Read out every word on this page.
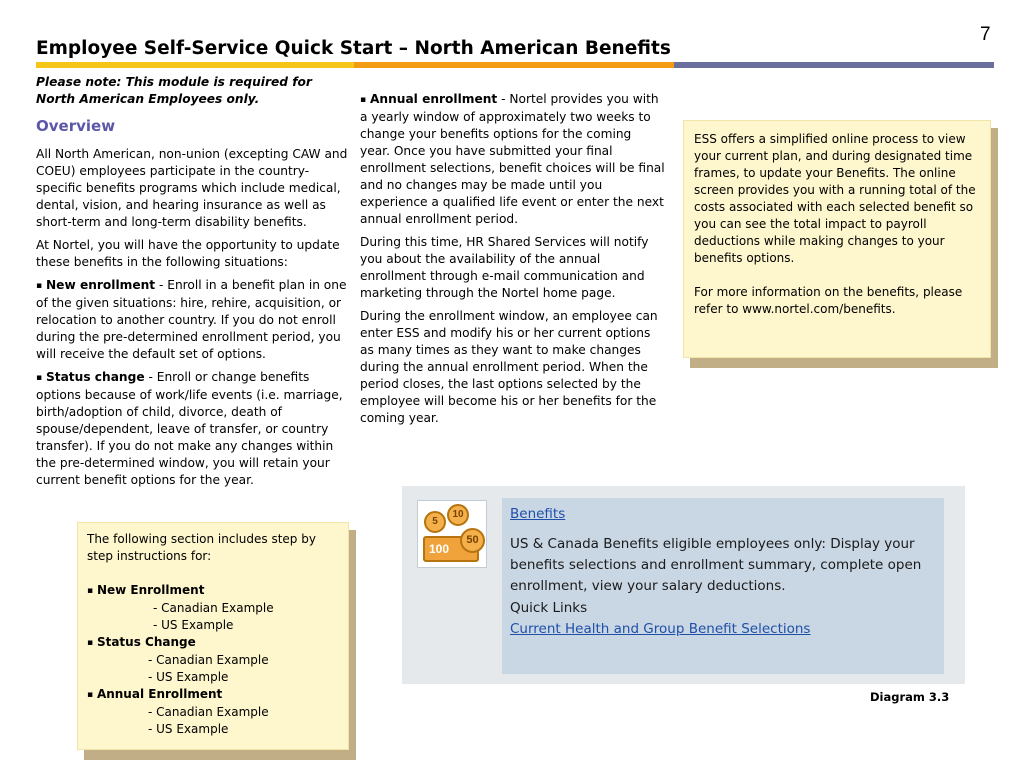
7
Employee Self-Service Quick Start – North American Benefits
Please note: This module is required for North American Employees only.
Overview

All North American, non-union (excepting CAW and COEU) employees participate in the country-specific benefits programs which include medical, dental, vision, and hearing insurance as well as short-term and long-term disability benefits.

At Nortel, you will have the opportunity to update these benefits in the following situations:

▪ New enrollment - Enroll in a benefit plan in one of the given situations: hire, rehire, acquisition, or relocation to another country. If you do not enroll during the pre-determined enrollment period, you will receive the default set of options.

▪ Status change - Enroll or change benefits options because of work/life events (i.e. marriage, birth/adoption of child, divorce, death of spouse/dependent, leave of transfer, or country transfer). If you do not make any changes within the pre-determined window, you will retain your current benefit options for the year.

▪ Annual enrollment - Nortel provides you with a yearly window of approximately two weeks to change your benefits options for the coming year. Once you have submitted your final enrollment selections, benefit choices will be final and no changes may be made until you experience a qualified life event or enter the next annual enrollment period.

During this time, HR Shared Services will notify you about the availability of the annual enrollment through e-mail communication and marketing through the Nortel home page.

During the enrollment window, an employee can enter ESS and modify his or her current options as many times as they want to make changes during the annual enrollment period. When the period closes, the last options selected by the employee will become his or her benefits for the coming year.

ESS offers a simplified online process to view your current plan, and during designated time frames, to update your Benefits. The online screen provides you with a running total of the costs associated with each selected benefit so you can see the total impact to payroll deductions while making changes to your benefits options.

For more information on the benefits, please refer to www.nortel.com/benefits.

The following section includes step by step instructions for:

▪ New Enrollment

- Canadian Example

- US Example

▪ Status Change

- Canadian Example

- US Example

▪ Annual Enrollment

- Canadian Example

- US Example

5
10
100
50
Benefits
US & Canada Benefits eligible employees only: Display your benefits selections and enrollment summary, complete open enrollment, view your salary deductions.
Quick Links
Current Health and Group Benefit Selections
Diagram 3.3
